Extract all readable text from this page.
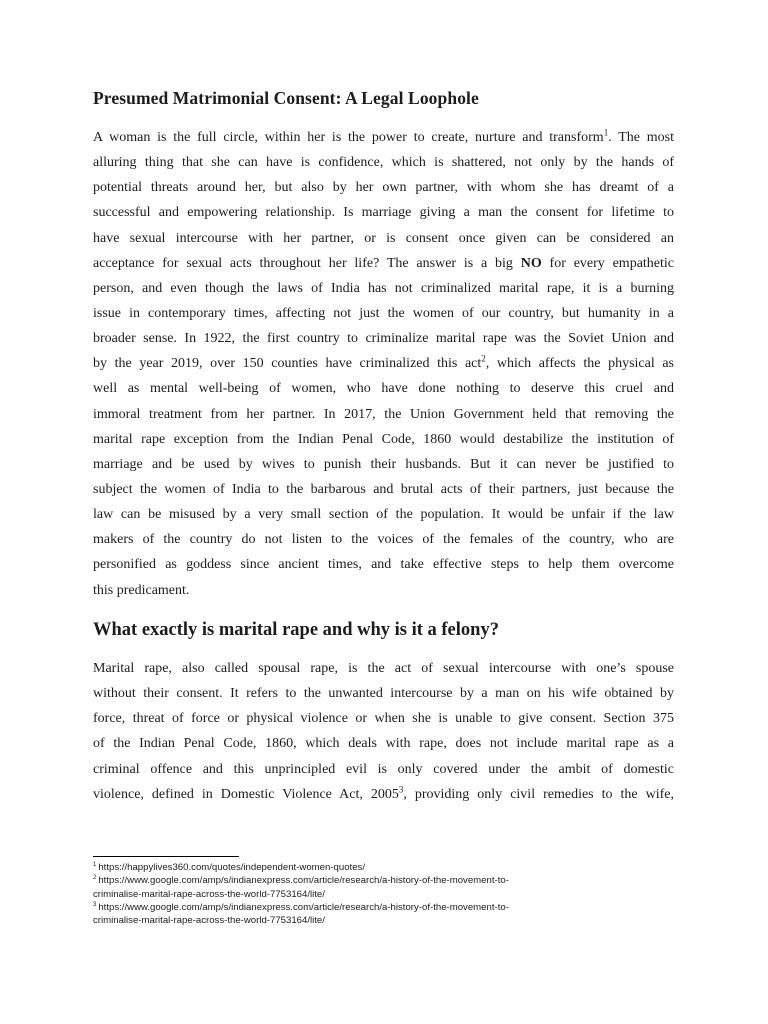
Presumed Matrimonial Consent: A Legal Loophole
A woman is the full circle, within her is the power to create, nurture and transform$^1$. The most
alluring thing that she can have is confidence, which is shattered, not only by the hands of
potential threats around her, but also by her own partner, with whom she has dreamt of a
successful and empowering relationship. Is marriage giving a man the consent for lifetime to
have sexual intercourse with her partner, or is consent once given can be considered an
acceptance for sexual acts throughout her life? The answer is a big NO for every empathetic
person, and even though the laws of India has not criminalized marital rape, it is a burning
issue in contemporary times, affecting not just the women of our country, but humanity in a
broader sense. In 1922, the first country to criminalize marital rape was the Soviet Union and
by the year 2019, over 150 counties have criminalized this act$^2$, which affects the physical as
well as mental well-being of women, who have done nothing to deserve this cruel and
immoral treatment from her partner. In 2017, the Union Government held that removing the
marital rape exception from the Indian Penal Code, 1860 would destabilize the institution of
marriage and be used by wives to punish their husbands. But it can never be justified to
subject the women of India to the barbarous and brutal acts of their partners, just because the
law can be misused by a very small section of the population. It would be unfair if the law
makers of the country do not listen to the voices of the females of the country, who are
personified as goddess since ancient times, and take effective steps to help them overcome
this predicament.
What exactly is marital rape and why is it a felony?
Marital rape, also called spousal rape, is the act of sexual intercourse with one’s spouse
without their consent. It refers to the unwanted intercourse by a man on his wife obtained by
force, threat of force or physical violence or when she is unable to give consent. Section 375
of the Indian Penal Code, 1860, which deals with rape, does not include marital rape as a
criminal offence and this unprincipled evil is only covered under the ambit of domestic
violence, defined in Domestic Violence Act, 2005$^3$, providing only civil remedies to the wife,
$^1$ https://happylives360.com/quotes/independent-women-quotes/
$^2$ https://www.google.com/amp/s/indianexpress.com/article/research/a-history-of-the-movement-to-
criminalise-marital-rape-across-the-world-7753164/lite/
$^3$ https://www.google.com/amp/s/indianexpress.com/article/research/a-history-of-the-movement-to-
criminalise-marital-rape-across-the-world-7753164/lite/
